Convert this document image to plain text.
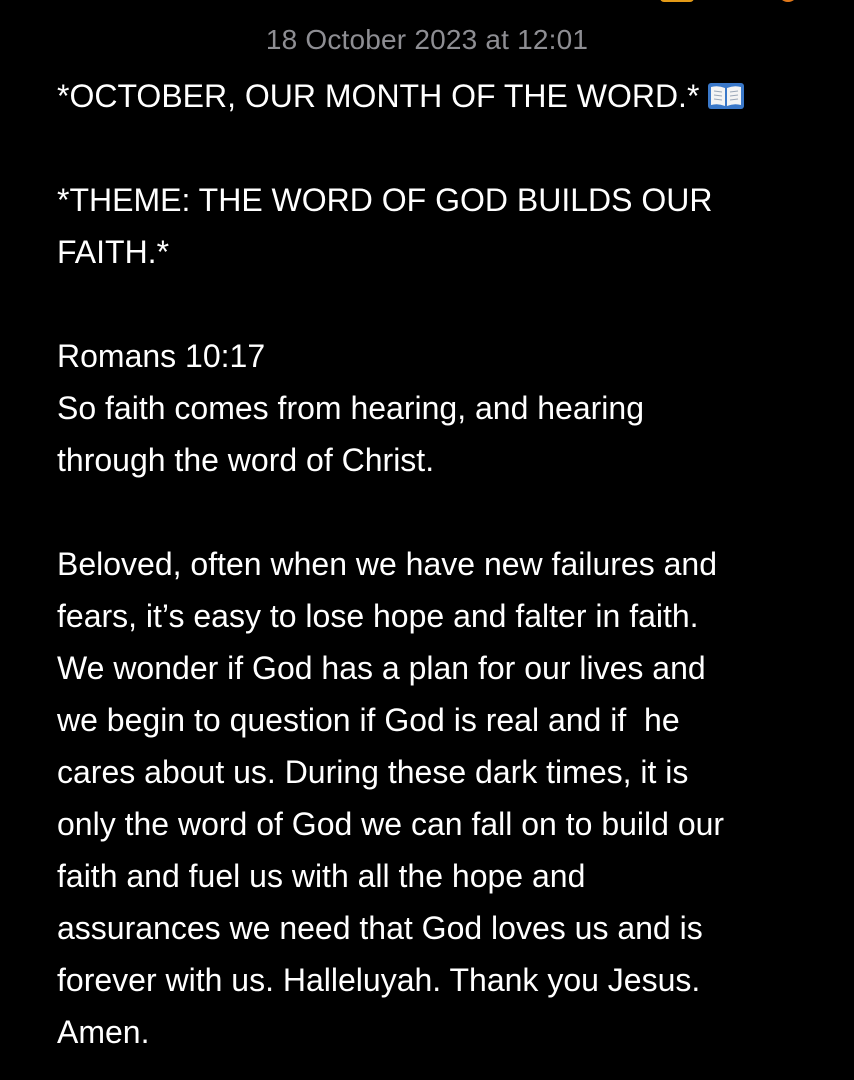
18 October 2023 at 12:01
*OCTOBER, OUR MONTH OF THE WORD.*
*THEME: THE WORD OF GOD BUILDS OUR
FAITH.*
Romans 10:17
So faith comes from hearing, and hearing
through the word of Christ.
Beloved, often when we have new failures and
fears, it’s easy to lose hope and falter in faith.
We wonder if God has a plan for our lives and
we begin to question if God is real and if  he
cares about us. During these dark times, it is
only the word of God we can fall on to build our
faith and fuel us with all the hope and
assurances we need that God loves us and is
forever with us. Halleluyah. Thank you Jesus.
Amen.
